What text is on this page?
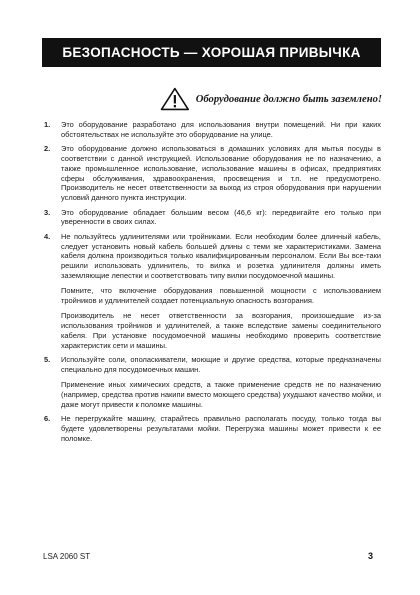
БЕЗОПАСНОСТЬ — ХОРОШАЯ ПРИВЫЧКА
Оборудование должно быть заземлено!
1.	Это оборудование разработано для использования внутри помещений. Ни при каких обстоятельствах не используйте это оборудование на улице.

2.	Это оборудование должно использоваться в домашних условиях для мытья посуды в соответствии с данной инструкцией. Использование оборудования не по назначению, а также промышленное использование, использование машины в офисах, предприятиях сферы обслуживания, здравоохранения, просвещения и т.п. не предусмотрено. Производитель не несет ответственности за выход из строя оборудования при нарушении условий данного пункта инструкции.

3.	Это оборудование обладает большим весом (46,6 кг): передвигайте его только при уверенности в своих силах.

4.	Не пользуйтесь удлинителями или тройниками. Если необходим более длинный кабель, следует установить новый кабель большей длины с теми же характеристиками. Замена кабеля должна производиться только квалифицированным персоналом. Если Вы все-таки решили использовать удлинитель, то вилка и розетка удлинителя должны иметь заземляющие лепестки и соответствовать типу вилки посудомоечной машины.

Помните, что включение оборудования повышенной мощности с использованием тройников и удлинителей создает потенциальную опасность возгорания.

Производитель не несет ответственности за возгорания, произошедшие из-за использования тройников и удлинителей, а также вследствие замены соединительного кабеля. При установке посудомоечной машины необходимо проверить соответствие характеристик сети и машины.

5.	Используйте соли, ополаскиватели, моющие и другие средства, которые предназначены специально для посудомоечных машин.

Применение иных химических средств, а также применение средств не по назначению (например, средства против накипи вместо моющего средства) ухудшают качество мойки, и даже могут привести к поломке машины.

6.	Не перегружайте машину, старайтесь правильно располагать посуду, только тогда вы будете удовлетворены результатами мойки. Перегрузка машины может привести к ее поломке.

LSA 2060 ST	3
